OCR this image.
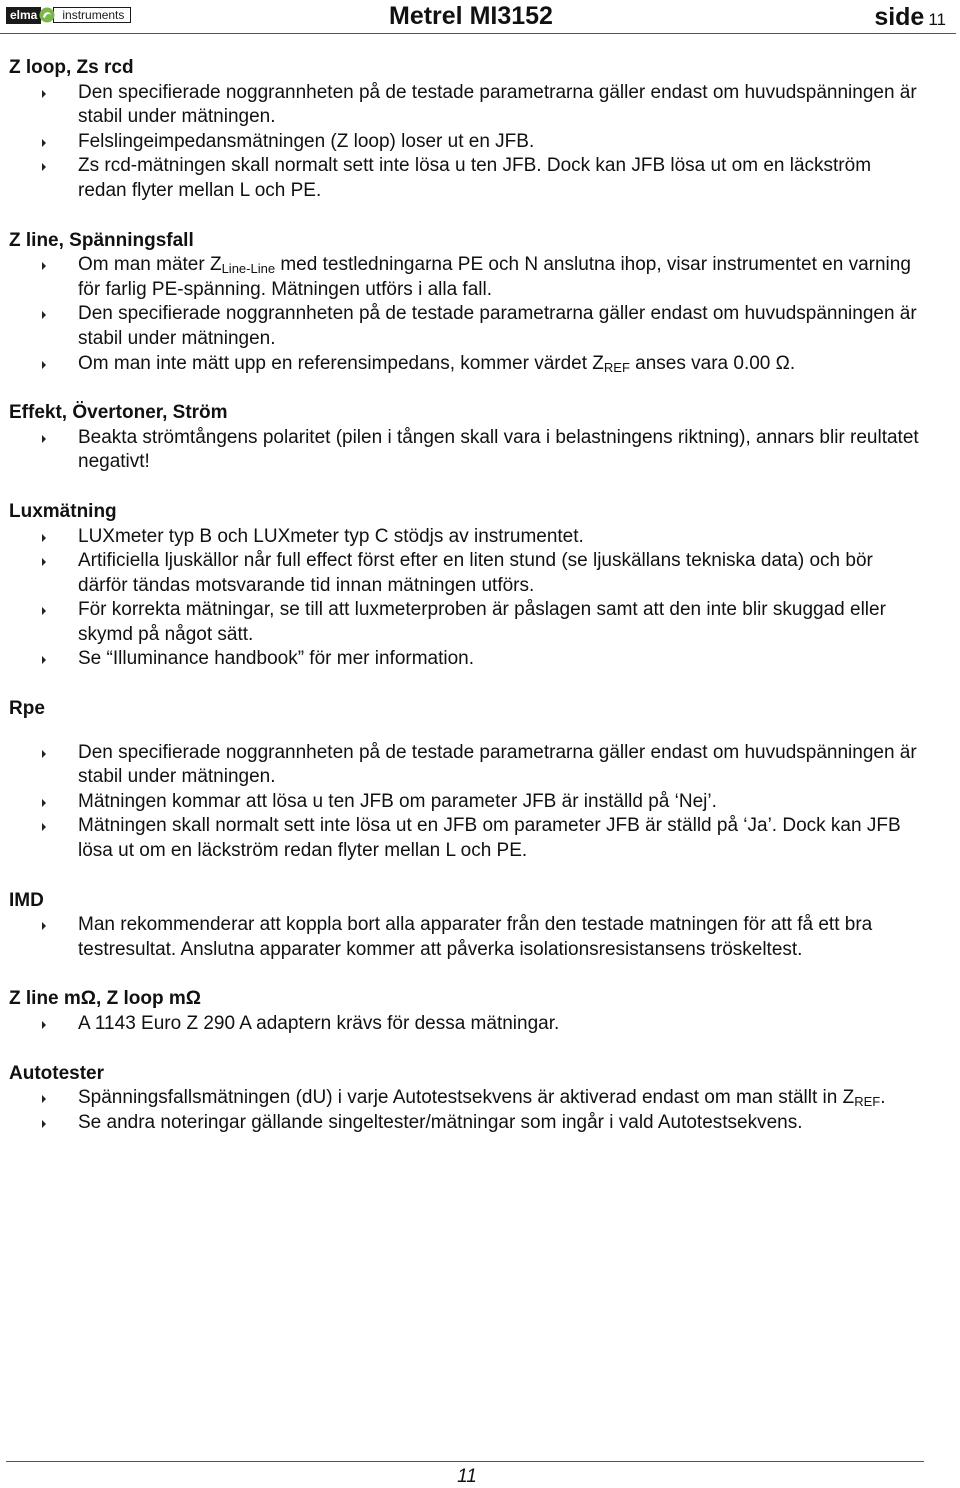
elma	instruments	Metrel MI3152	side 11
Z loop, Zs rcd
Den specifierade noggrannheten på de testade parametrarna gäller endast om huvudspänningen är stabil under mätningen.
Felslingeimpedansmätningen (Z loop) loser ut en JFB.
Zs rcd-mätningen skall normalt sett inte lösa u ten JFB. Dock kan JFB lösa ut om en läckström redan flyter mellan L och PE.
Z line, Spänningsfall
Om man mäter $Z_{Line-Line}$ med testledningarna PE och N anslutna ihop, visar instrumentet en varning för farlig PE-spänning. Mätningen utförs i alla fall.
Den specifierade noggrannheten på de testade parametrarna gäller endast om huvudspänningen är stabil under mätningen.
Om man inte mätt upp en referensimpedans, kommer värdet $Z_{REF}$ anses vara 0.00 Ω.
Effekt, Övertoner, Ström
Beakta strömtångens polaritet (pilen i tången skall vara i belastningens riktning), annars blir reultatet negativt!
Luxmätning
LUXmeter typ B och LUXmeter typ C stödjs av instrumentet.
Artificiella ljuskällor når full effect först efter en liten stund (se ljuskällans tekniska data) och bör därför tändas motsvarande tid innan mätningen utförs.
För korrekta mätningar, se till att luxmeterproben är påslagen samt att den inte blir skuggad eller skymd på något sätt.
Se “Illuminance handbook” för mer information.
Rpe
Den specifierade noggrannheten på de testade parametrarna gäller endast om huvudspänningen är stabil under mätningen.
Mätningen kommar att lösa u ten JFB om parameter JFB är inställd på ‘Nej’.
Mätningen skall normalt sett inte lösa ut en JFB om parameter JFB är ställd på ‘Ja’. Dock kan JFB lösa ut om en läckström redan flyter mellan L och PE.
IMD
Man rekommenderar att koppla bort alla apparater från den testade matningen för att få ett bra testresultat. Anslutna apparater kommer att påverka isolationsresistansens tröskeltest.
Z line mΩ, Z loop mΩ
A 1143 Euro Z 290 A adaptern krävs för dessa mätningar.
Autotester
Spänningsfallsmätningen (dU) i varje Autotestsekvens är aktiverad endast om man ställt in $Z_{REF}$.
Se andra noteringar gällande singeltester/mätningar som ingår i vald Autotestsekvens.
11
